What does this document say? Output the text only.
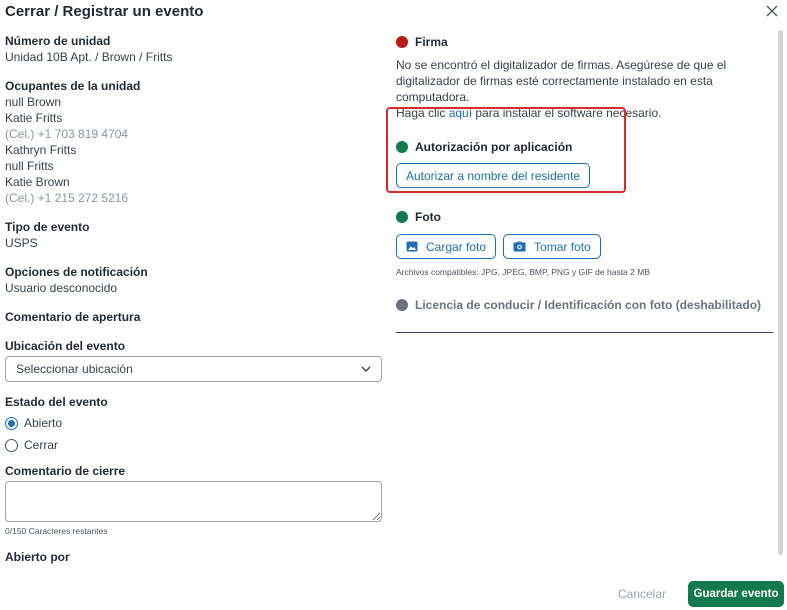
Cerrar / Registrar un evento
Número de unidad
Unidad 10B Apt. / Brown / Fritts
Ocupantes de la unidad
null Brown
Katie Fritts
(Cel.) +1 703 819 4704
Kathryn Fritts
null Fritts
Katie Brown
(Cel.) +1 215 272 5216
Tipo de evento
USPS
Opciones de notificación
Usuario desconocido
Comentario de apertura
Ubicación del evento
Seleccionar ubicación
Estado del evento
Abierto
Cerrar
Comentario de cierre
0/150 Caracteres restantes
Abierto por
Firma
No se encontró el digitalizador de firmas. Asegúrese de que el digitalizador de firmas esté correctamente instalado en esta computadora.
Haga clic aquí para instalar el software necesario.
Autorización por aplicación
Autorizar a nombre del residente
Foto
Cargar foto	Tomar foto
Archivos compatibles: JPG, JPEG, BMP, PNG y GIF de hasta 2 MB
Licencia de conducir / Identificación con foto (deshabilitado)
Cancelar	Guardar evento
